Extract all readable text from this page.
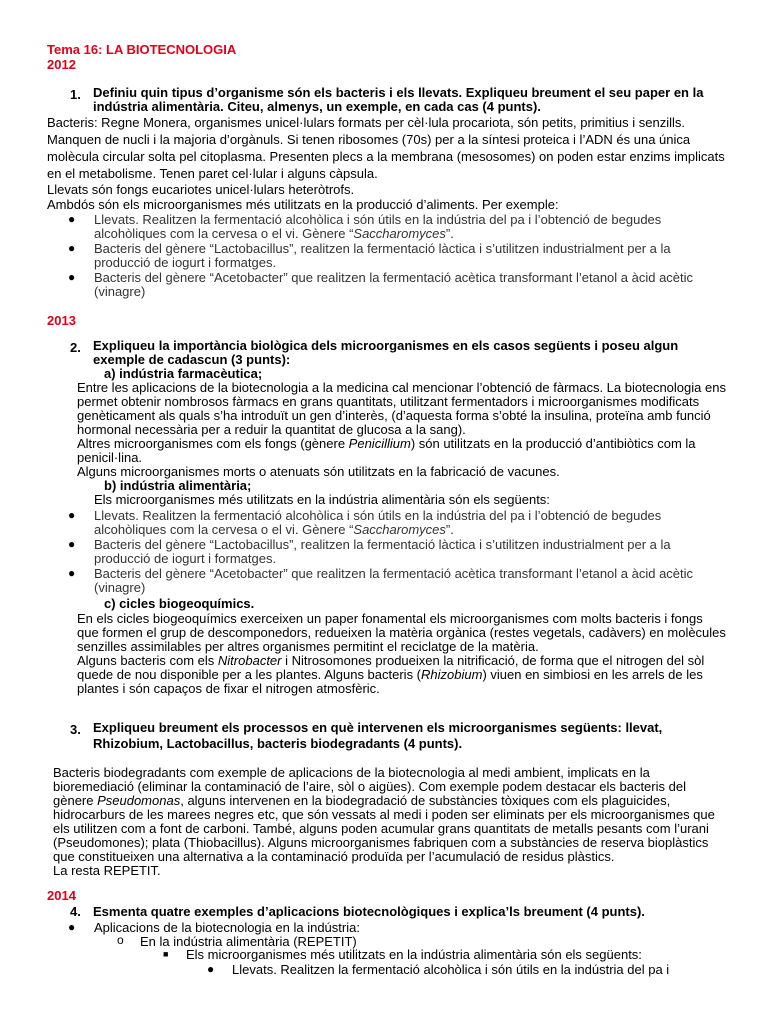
Tema 16: LA BIOTECNOLOGIA
2012
1. Definiu quin tipus d’organisme són els bacteris i els llevats. Expliqueu breument el seu paper en la
indústria alimentària. Citeu, almenys, un exemple, en cada cas (4 punts).
Bacteris: Regne Monera, organismes unicel·lulars formats per cèl·lula procariota, són petits, primitius i senzills.
Manquen de nucli i la majoria d’orgànuls. Si tenen ribosomes (70s) per a la síntesi proteica i l’ADN és una única
molècula circular solta pel citoplasma. Presenten plecs a la membrana (mesosomes) on poden estar enzims implicats
en el metabolisme. Tenen paret cel·lular i alguns càpsula.
Llevats són fongs eucariotes unicel·lulars heteròtrofs.
Ambdós són els microorganismes més utilitzats en la producció d’aliments. Per exemple:
● Llevats. Realitzen la fermentació alcohòlica i són útils en la indústria del pa i l’obtenció de begudes
alcohòliques com la cervesa o el vi. Gènere “Saccharomyces”.
● Bacteris del gènere “Lactobacillus”, realitzen la fermentació làctica i s’utilitzen industrialment per a la
producció de iogurt i formatges.
● Bacteris del gènere “Acetobacter” que realitzen la fermentació acètica transformant l’etanol a àcid acètic
(vinagre)
2013
2. Expliqueu la importància biològica dels microorganismes en els casos següents i poseu algun
exemple de cadascun (3 punts):
a) indústria farmacèutica;
Entre les aplicacions de la biotecnologia a la medicina cal mencionar l’obtenció de fàrmacs. La biotecnologia ens
permet obtenir nombrosos fàrmacs en grans quantitats, utilitzant fermentadors i microorganismes modificats
genèticament als quals s’ha introduït un gen d’interès, (d’aquesta forma s’obté la insulina, proteïna amb funció
hormonal necessària per a reduir la quantitat de glucosa a la sang).
Altres microorganismes com els fongs (gènere Penicillium) són utilitzats en la producció d’antibiòtics com la
penicil·lina.
Alguns microorganismes morts o atenuats són utilitzats en la fabricació de vacunes.
b) indústria alimentària;
Els microorganismes més utilitzats en la indústria alimentària són els següents:
● Llevats. Realitzen la fermentació alcohòlica i són útils en la indústria del pa i l’obtenció de begudes
alcohòliques com la cervesa o el vi. Gènere “Saccharomyces”.
● Bacteris del gènere “Lactobacillus”, realitzen la fermentació làctica i s’utilitzen industrialment per a la
producció de iogurt i formatges.
● Bacteris del gènere “Acetobacter” que realitzen la fermentació acètica transformant l’etanol a àcid acètic
(vinagre)
c) cicles biogeoquímics.
En els cicles biogeoquímics exerceixen un paper fonamental els microorganismes com molts bacteris i fongs
que formen el grup de descomponedors, redueixen la matèria orgànica (restes vegetals, cadàvers) en molècules
senzilles assimilables per altres organismes permitint el reciclatge de la matèria.
Alguns bacteris com els Nitrobacter i Nitrosomones produeixen la nitrificació, de forma que el nitrogen del sòl
quede de nou disponible per a les plantes. Alguns bacteris (Rhizobium) viuen en simbiosi en les arrels de les
plantes i són capaços de fixar el nitrogen atmosfèric.
3. Expliqueu breument els processos en què intervenen els microorganismes següents: llevat,
Rhizobium, Lactobacillus, bacteris biodegradants (4 punts).
Bacteris biodegradants com exemple de aplicacions de la biotecnologia al medi ambient, implicats en la
bioremediació (eliminar la contaminació de l’aire, sòl o aigües). Com exemple podem destacar els bacteris del
gènere Pseudomonas, alguns intervenen en la biodegradació de substàncies tòxiques com els plaguicides,
hidrocarburs de les marees negres etc, que són vessats al medi i poden ser eliminats per els microorganismes que
els utilitzen com a font de carboni. També, alguns poden acumular grans quantitats de metalls pesants com l’urani
(Pseudomones); plata (Thiobacillus). Alguns microorganismes fabriquen com a substàncies de reserva bioplàstics
que constitueixen una alternativa a la contaminació produïda per l’acumulació de residus plàstics.
La resta REPETIT.
2014
4. Esmenta quatre exemples d’aplicacions biotecnològiques i explica’ls breument (4 punts).
● Aplicacions de la biotecnologia en la indústria:
o En la indústria alimentària (REPETIT)
■ Els microorganismes més utilitzats en la indústria alimentària són els següents:
● Llevats. Realitzen la fermentació alcohòlica i són útils en la indústria del pa i
